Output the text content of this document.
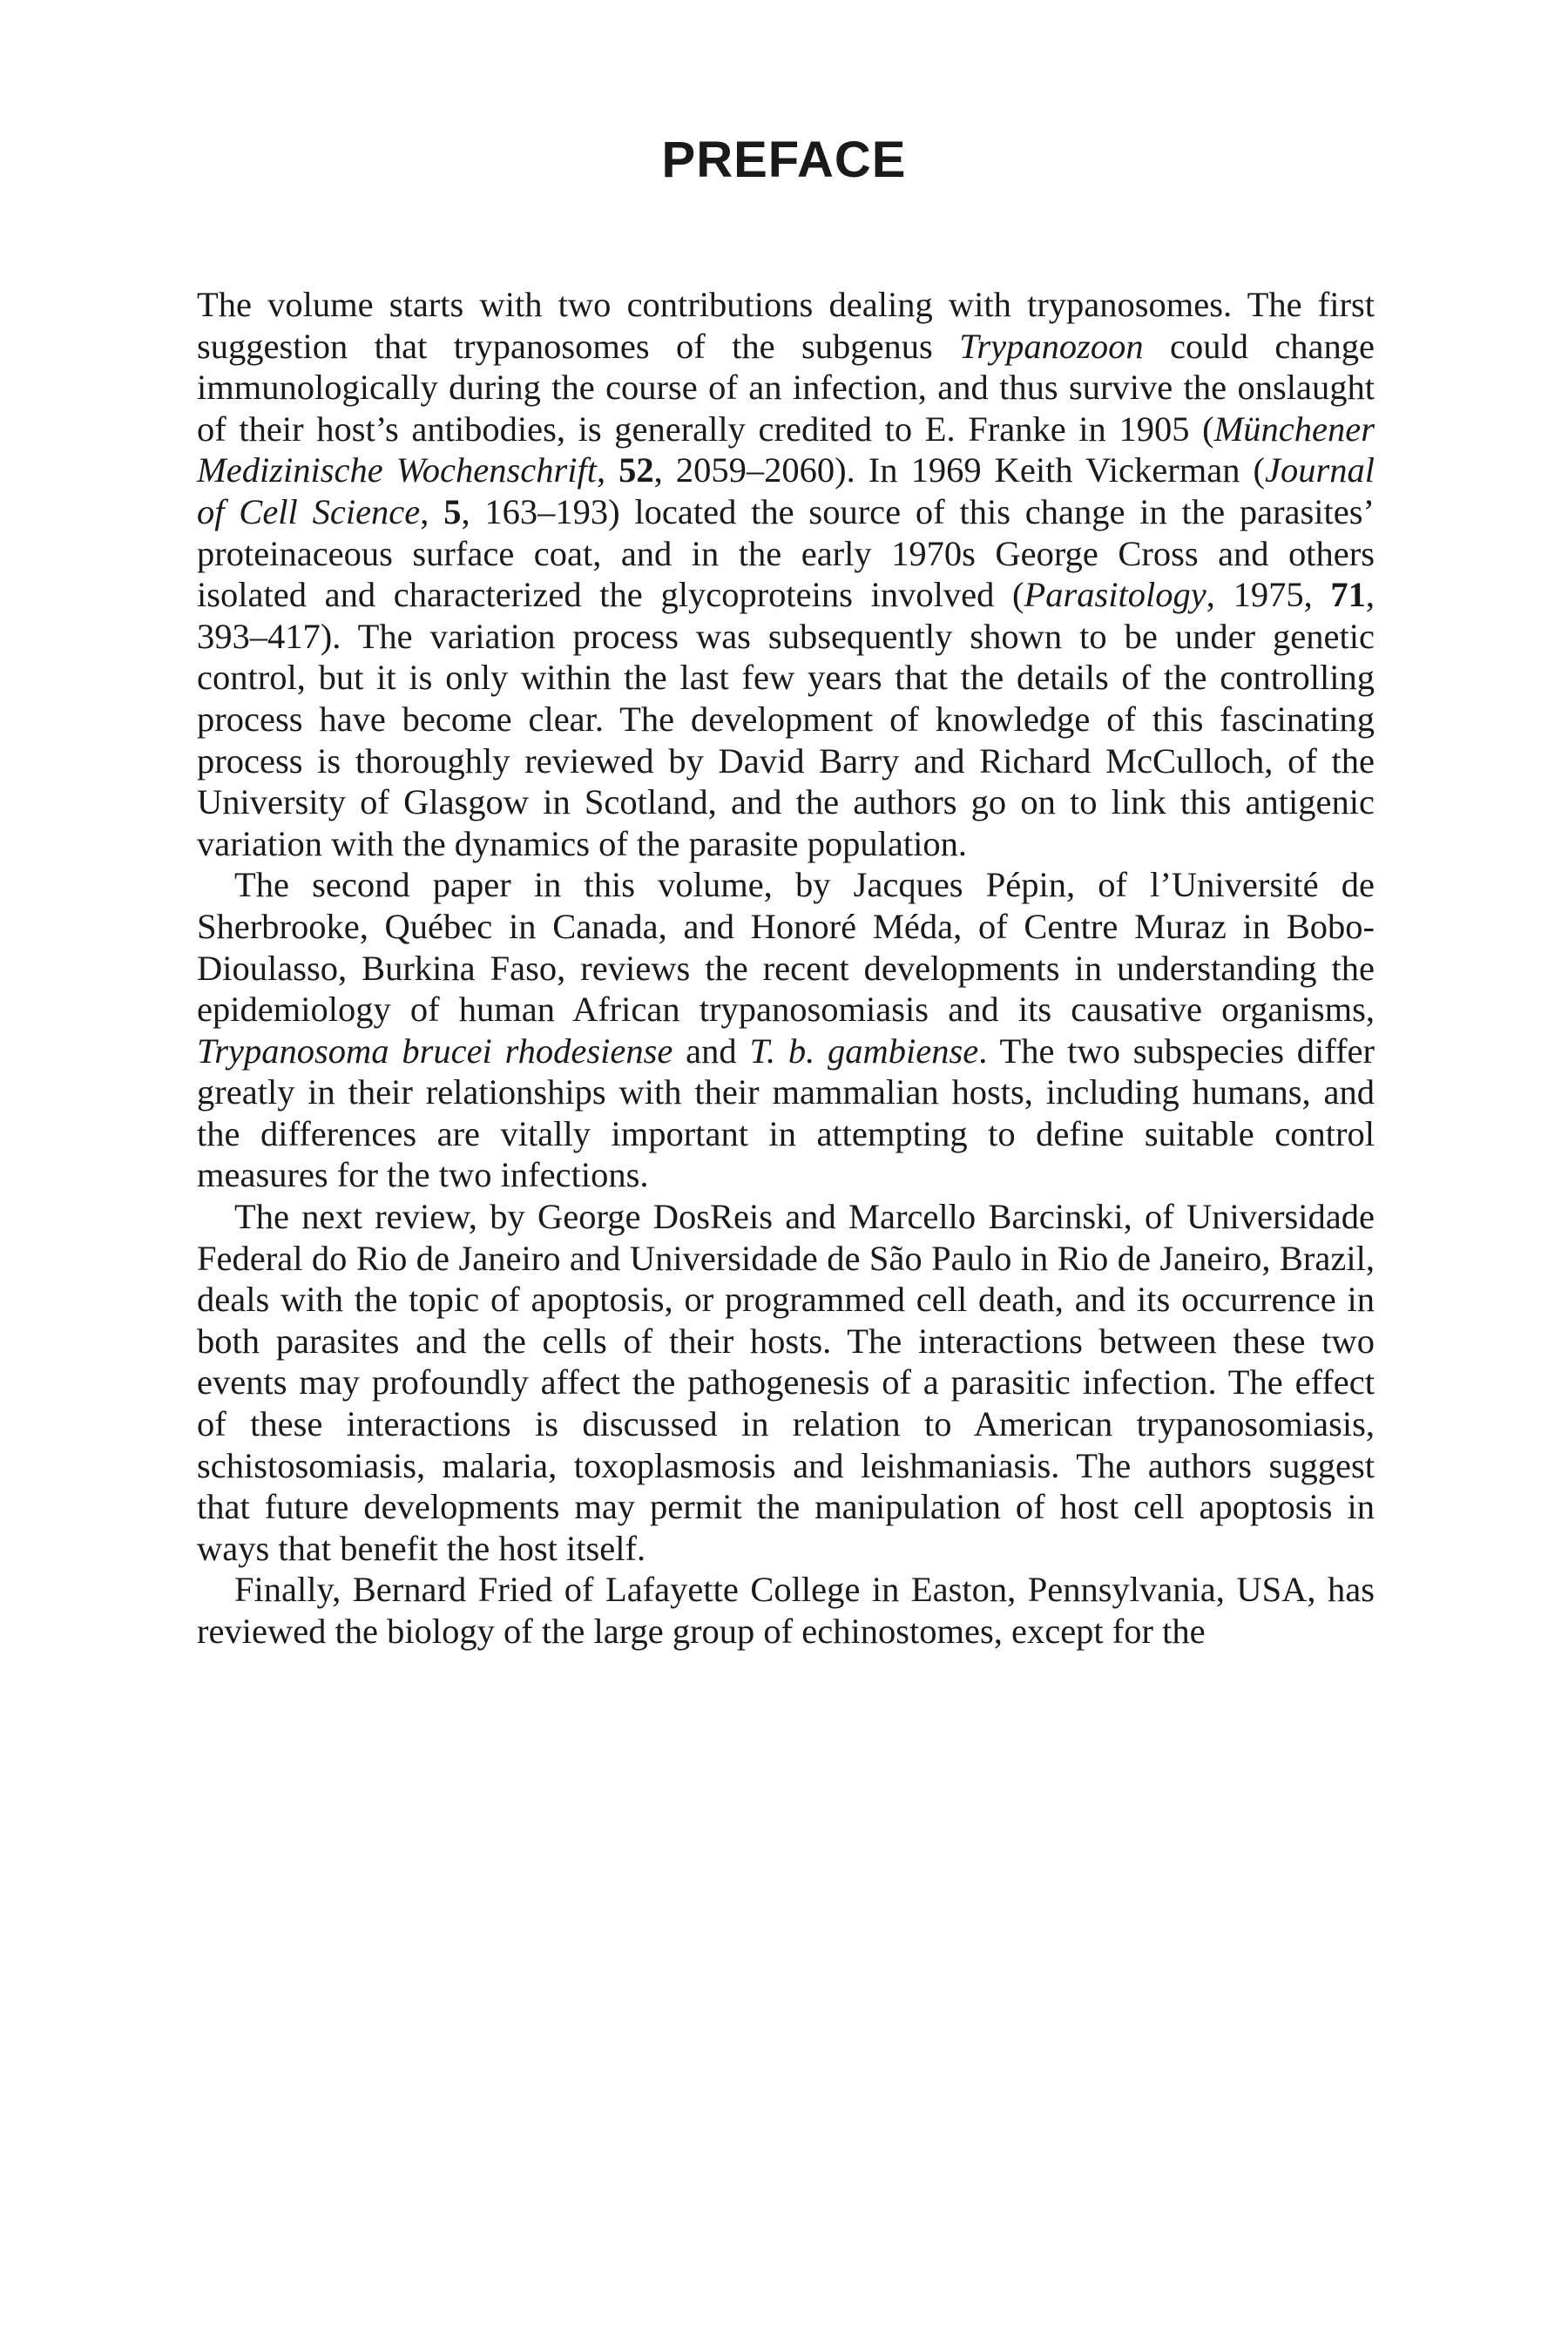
PREFACE

The volume starts with two contributions dealing with trypanosomes. The first suggestion that trypanosomes of the subgenus Trypanozoon could change immunologically during the course of an infection, and thus survive the onslaught of their host’s antibodies, is generally credited to E. Franke in 1905 (Münchener Medizinische Wochenschrift, 52, 2059–2060). In 1969 Keith Vickerman (Journal of Cell Science, 5, 163–193) located the source of this change in the parasites’ proteinaceous surface coat, and in the early 1970s George Cross and others isolated and characterized the glycoproteins involved (Parasitology, 1975, 71, 393–417). The variation process was subsequently shown to be under genetic control, but it is only within the last few years that the details of the controlling process have become clear. The development of knowledge of this fascinating process is thoroughly reviewed by David Barry and Richard McCulloch, of the University of Glasgow in Scotland, and the authors go on to link this antigenic variation with the dynamics of the parasite population.

The second paper in this volume, by Jacques Pépin, of l’Université de Sherbrooke, Québec in Canada, and Honoré Méda, of Centre Muraz in Bobo-Dioulasso, Burkina Faso, reviews the recent developments in understanding the epidemiology of human African trypanosomiasis and its causative organisms, Trypanosoma brucei rhodesiense and T. b. gambiense. The two subspecies differ greatly in their relationships with their mammalian hosts, including humans, and the differences are vitally important in attempting to define suitable control measures for the two infections.

The next review, by George DosReis and Marcello Barcinski, of Universidade Federal do Rio de Janeiro and Universidade de São Paulo in Rio de Janeiro, Brazil, deals with the topic of apoptosis, or programmed cell death, and its occurrence in both parasites and the cells of their hosts. The interactions between these two events may profoundly affect the pathogenesis of a parasitic infection. The effect of these interactions is discussed in relation to American trypanosomiasis, schistosomiasis, malaria, toxoplasmosis and leishmaniasis. The authors suggest that future developments may permit the manipulation of host cell apoptosis in ways that benefit the host itself.

Finally, Bernard Fried of Lafayette College in Easton, Pennsylvania, USA, has reviewed the biology of the large group of echinostomes, except for the
